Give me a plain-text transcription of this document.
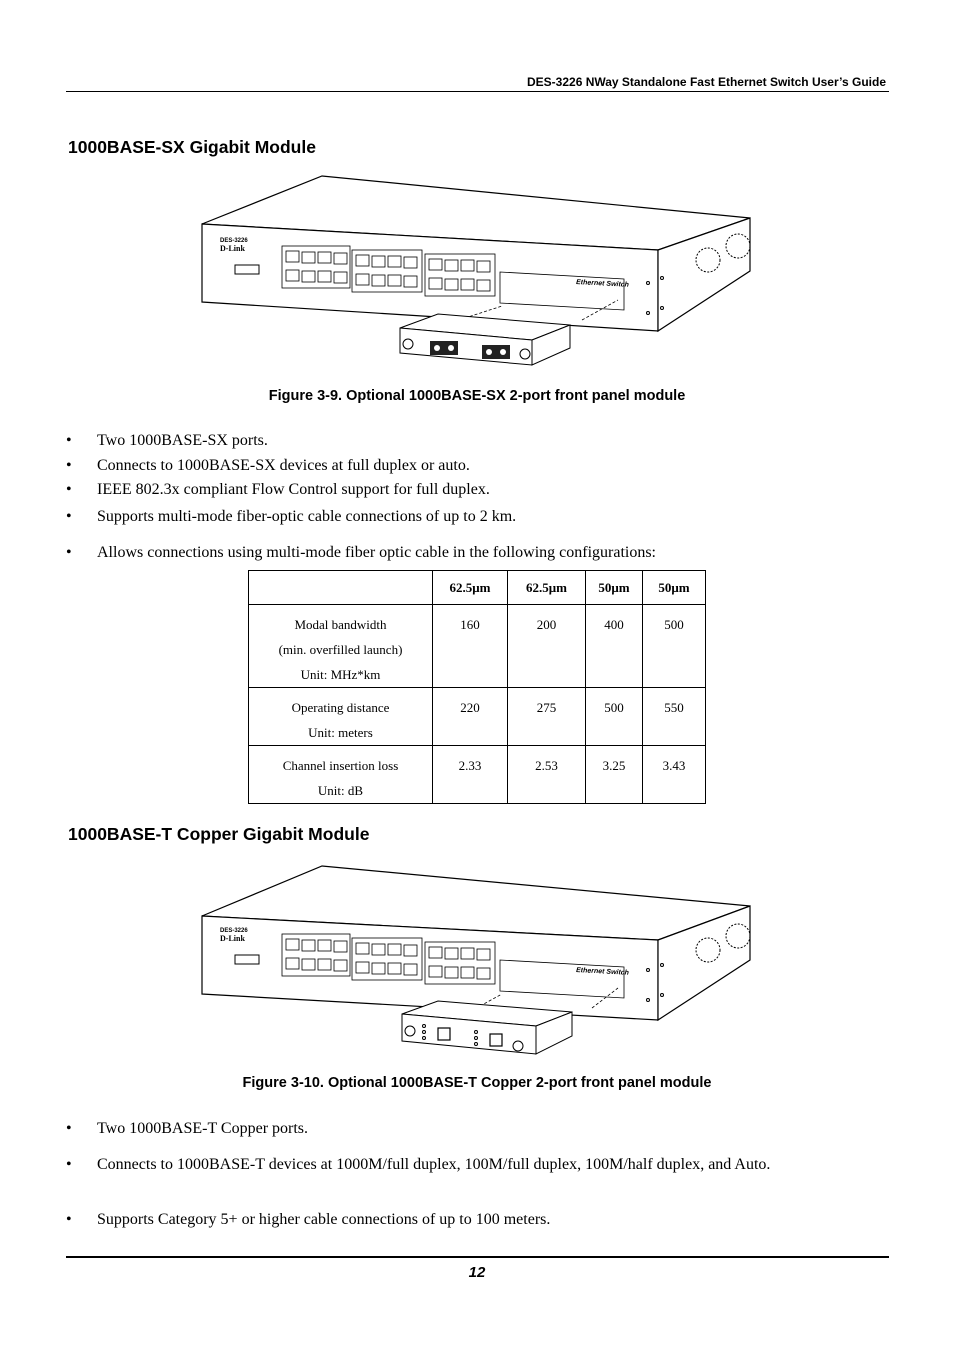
DES-3226 NWay Standalone Fast Ethernet Switch User’s Guide
1000BASE-SX Gigabit Module
DES-3226
D-Link
Ethernet Switch
Figure 3-9. Optional 1000BASE-SX 2-port front panel module
•	Two 1000BASE-SX ports.
•	Connects to 1000BASE-SX devices at full duplex or auto.
•	IEEE 802.3x compliant Flow Control support for full duplex.
•	Supports multi-mode fiber-optic cable connections of up to 2 km.
•	Allows connections using multi-mode fiber optic cable in the following configurations:
	62.5μm	62.5μm	50μm	50μm

Modal bandwidth
(min. overfilled launch)
Unit: MHz*km	160	200	400	500

Operating distance
Unit: meters	220	275	500	550

Channel insertion loss
Unit: dB	2.33	2.53	3.25	3.43
1000BASE-T Copper Gigabit Module
DES-3226
D-Link
Ethernet Switch
Figure 3-10. Optional 1000BASE-T Copper 2-port front panel module
•	Two 1000BASE-T Copper ports.
•	Connects to 1000BASE-T devices at 1000M/full duplex, 100M/full duplex, 100M/half duplex, and Auto.
•	Supports Category 5+ or higher cable connections of up to 100 meters.
12
